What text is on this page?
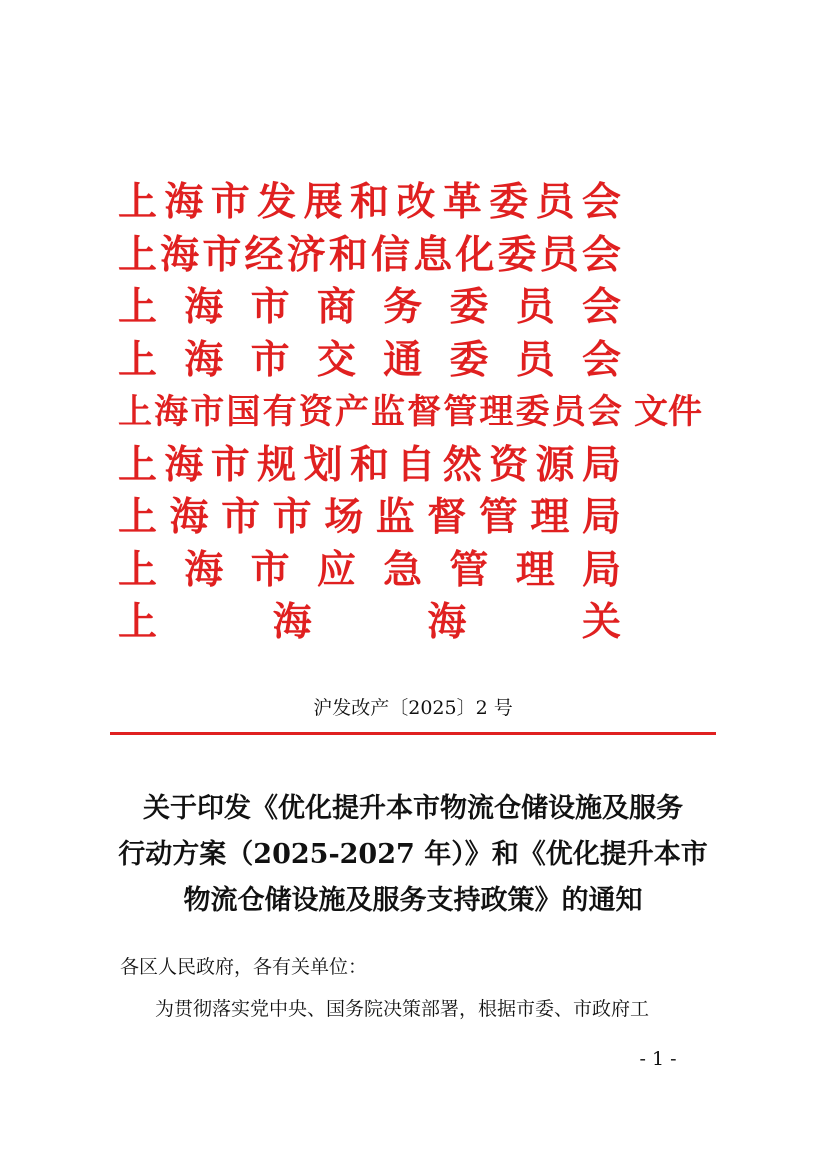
上 海 市 发 展 和 改 革 委 员 会
上 海 市 经 济 和 信 息 化 委 员 会
上 海 市 商 务 委 员 会
上 海 市 交 通 委 员 会
上 海 市 国 有 资 产 监 督 管 理 委 员 会 文件
上 海 市 规 划 和 自 然 资 源 局
上 海 市 市 场 监 督 管 理 局
上 海 市 应 急 管 理 局
上	海	海	关
沪发改产〔2025〕2 号
关于印发《优化提升本市物流仓储设施及服务
行动方案（2025-2027 年）》和《优化提升本市
物流仓储设施及服务支持政策》的通知
各区人民政府，各有关单位：
为贯彻落实党中央、国务院决策部署，根据市委、市政府工
- 1 -
